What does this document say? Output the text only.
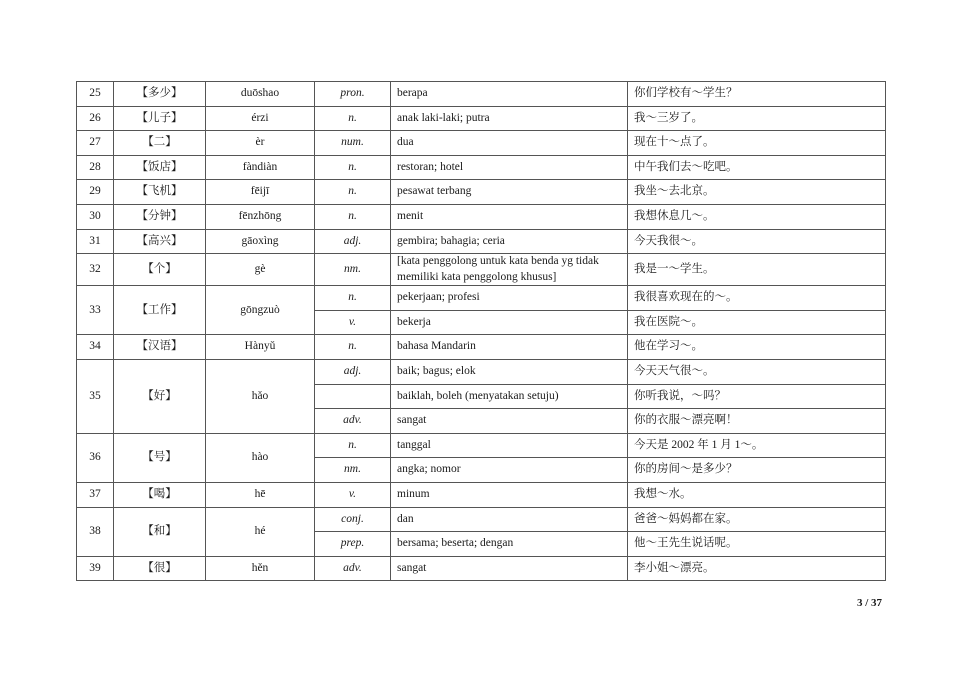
25	【多少】	duōshao	pron.	berapa	你们学校有～学生？
26	【儿子】	érzi	n.	anak laki-laki; putra	我～三岁了。
27	【二】	èr	num.	dua	现在十～点了。
28	【饭店】	fàndiàn	n.	restoran; hotel	中午我们去～吃吧。
29	【飞机】	fēijī	n.	pesawat terbang	我坐～去北京。
30	【分钟】	fēnzhōng	n.	menit	我想休息几～。
31	【高兴】	gāoxìng	adj.	gembira; bahagia; ceria	今天我很～。
32	【个】	gè	nm.	[kata penggolong untuk kata benda yg tidak memiliki kata penggolong khusus]	我是一～学生。
33	【工作】	gōngzuò	n.	pekerjaan; profesi	我很喜欢现在的～。
			v.	bekerja	我在医院～。
34	【汉语】	Hànyǔ	n.	bahasa Mandarin	他在学习～。
35	【好】	hǎo	adj.	baik; bagus; elok	今天天气很～。
				baiklah, boleh (menyatakan setuju)	你听我说，～吗？
			adv.	sangat	你的衣服～漂亮啊！
36	【号】	hào	n.	tanggal	今天是 2002 年 1 月 1～。
			nm.	angka; nomor	你的房间～是多少？
37	【喝】	hē	v.	minum	我想～水。
38	【和】	hé	conj.	dan	爸爸～妈妈都在家。
			prep.	bersama; beserta; dengan	他～王先生说话呢。
39	【很】	hěn	adv.	sangat	李小姐～漂亮。
3 / 37
